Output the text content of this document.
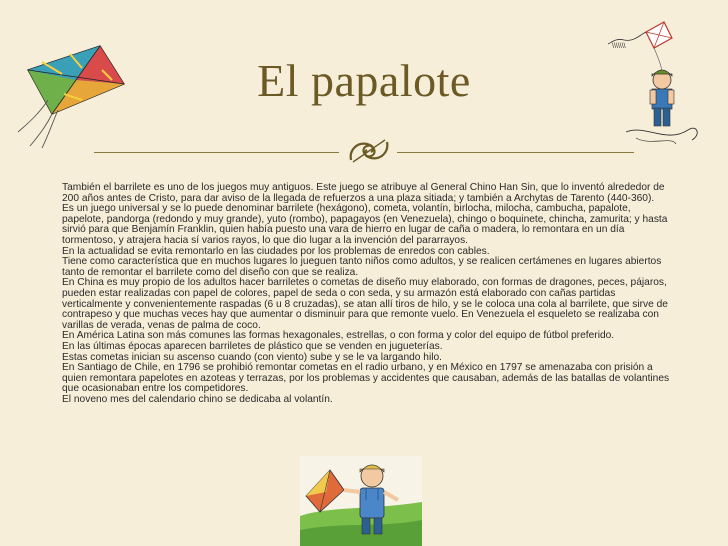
\\\\\\\
El papalote

También el barrilete es uno de los juegos muy antiguos. Este juego se atribuye al General Chino Han Sin, que lo inventó alrededor de 200 años antes de Cristo, para dar aviso de la llegada de refuerzos a una plaza sitiada; y también a Archytas de Tarento (440-360).

Es un juego universal y se lo puede denominar barrilete (hexágono), cometa, volantín, birlocha, milocha, cambucha, papalote, papelote, pandorga (redondo y muy grande), yuto (rombo), papagayos (en Venezuela), chingo o boquinete, chincha, zamurita; y hasta sirvió para que Benjamín Franklin, quien había puesto una vara de hierro en lugar de caña o madera, lo remontara en un día tormentoso, y atrajera hacia sí varios rayos, lo que dio lugar a la invención del pararrayos.

En la actualidad se evita remontarlo en las ciudades por los problemas de enredos con cables.

Tiene como característica que en muchos lugares lo jueguen tanto niños como adultos, y se realicen certámenes en lugares abiertos tanto de remontar el barrilete como del diseño con que se realiza.

En China es muy propio de los adultos hacer barriletes o cometas de diseño muy elaborado, con formas de dragones, peces, pájaros, pueden estar realizadas con papel de colores, papel de seda o con seda, y su armazón está elaborado con cañas partidas verticalmente y convenientemente raspadas (6 u 8 cruzadas), se atan allí tiros de hilo, y se le coloca una cola al barrilete, que sirve de contrapeso y que muchas veces hay que aumentar o disminuir para que remonte vuelo. En Venezuela el esqueleto se realizaba con varillas de verada, venas de palma de coco.

En América Latina son más comunes las formas hexagonales, estrellas, o con forma y color del equipo de fútbol preferido.

En las últimas épocas aparecen barriletes de plástico que se venden en jugueterías.

Estas cometas inician su ascenso cuando (con viento) sube y se le va largando hilo.

En Santiago de Chile, en 1796 se prohibió remontar cometas en el radio urbano, y en México en 1797 se amenazaba con prisión a quien remontara papelotes en azoteas y terrazas, por los problemas y accidentes que causaban, además de las batallas de volantines que ocasionaban entre los competidores.

El noveno mes del calendario chino se dedicaba al volantín.
